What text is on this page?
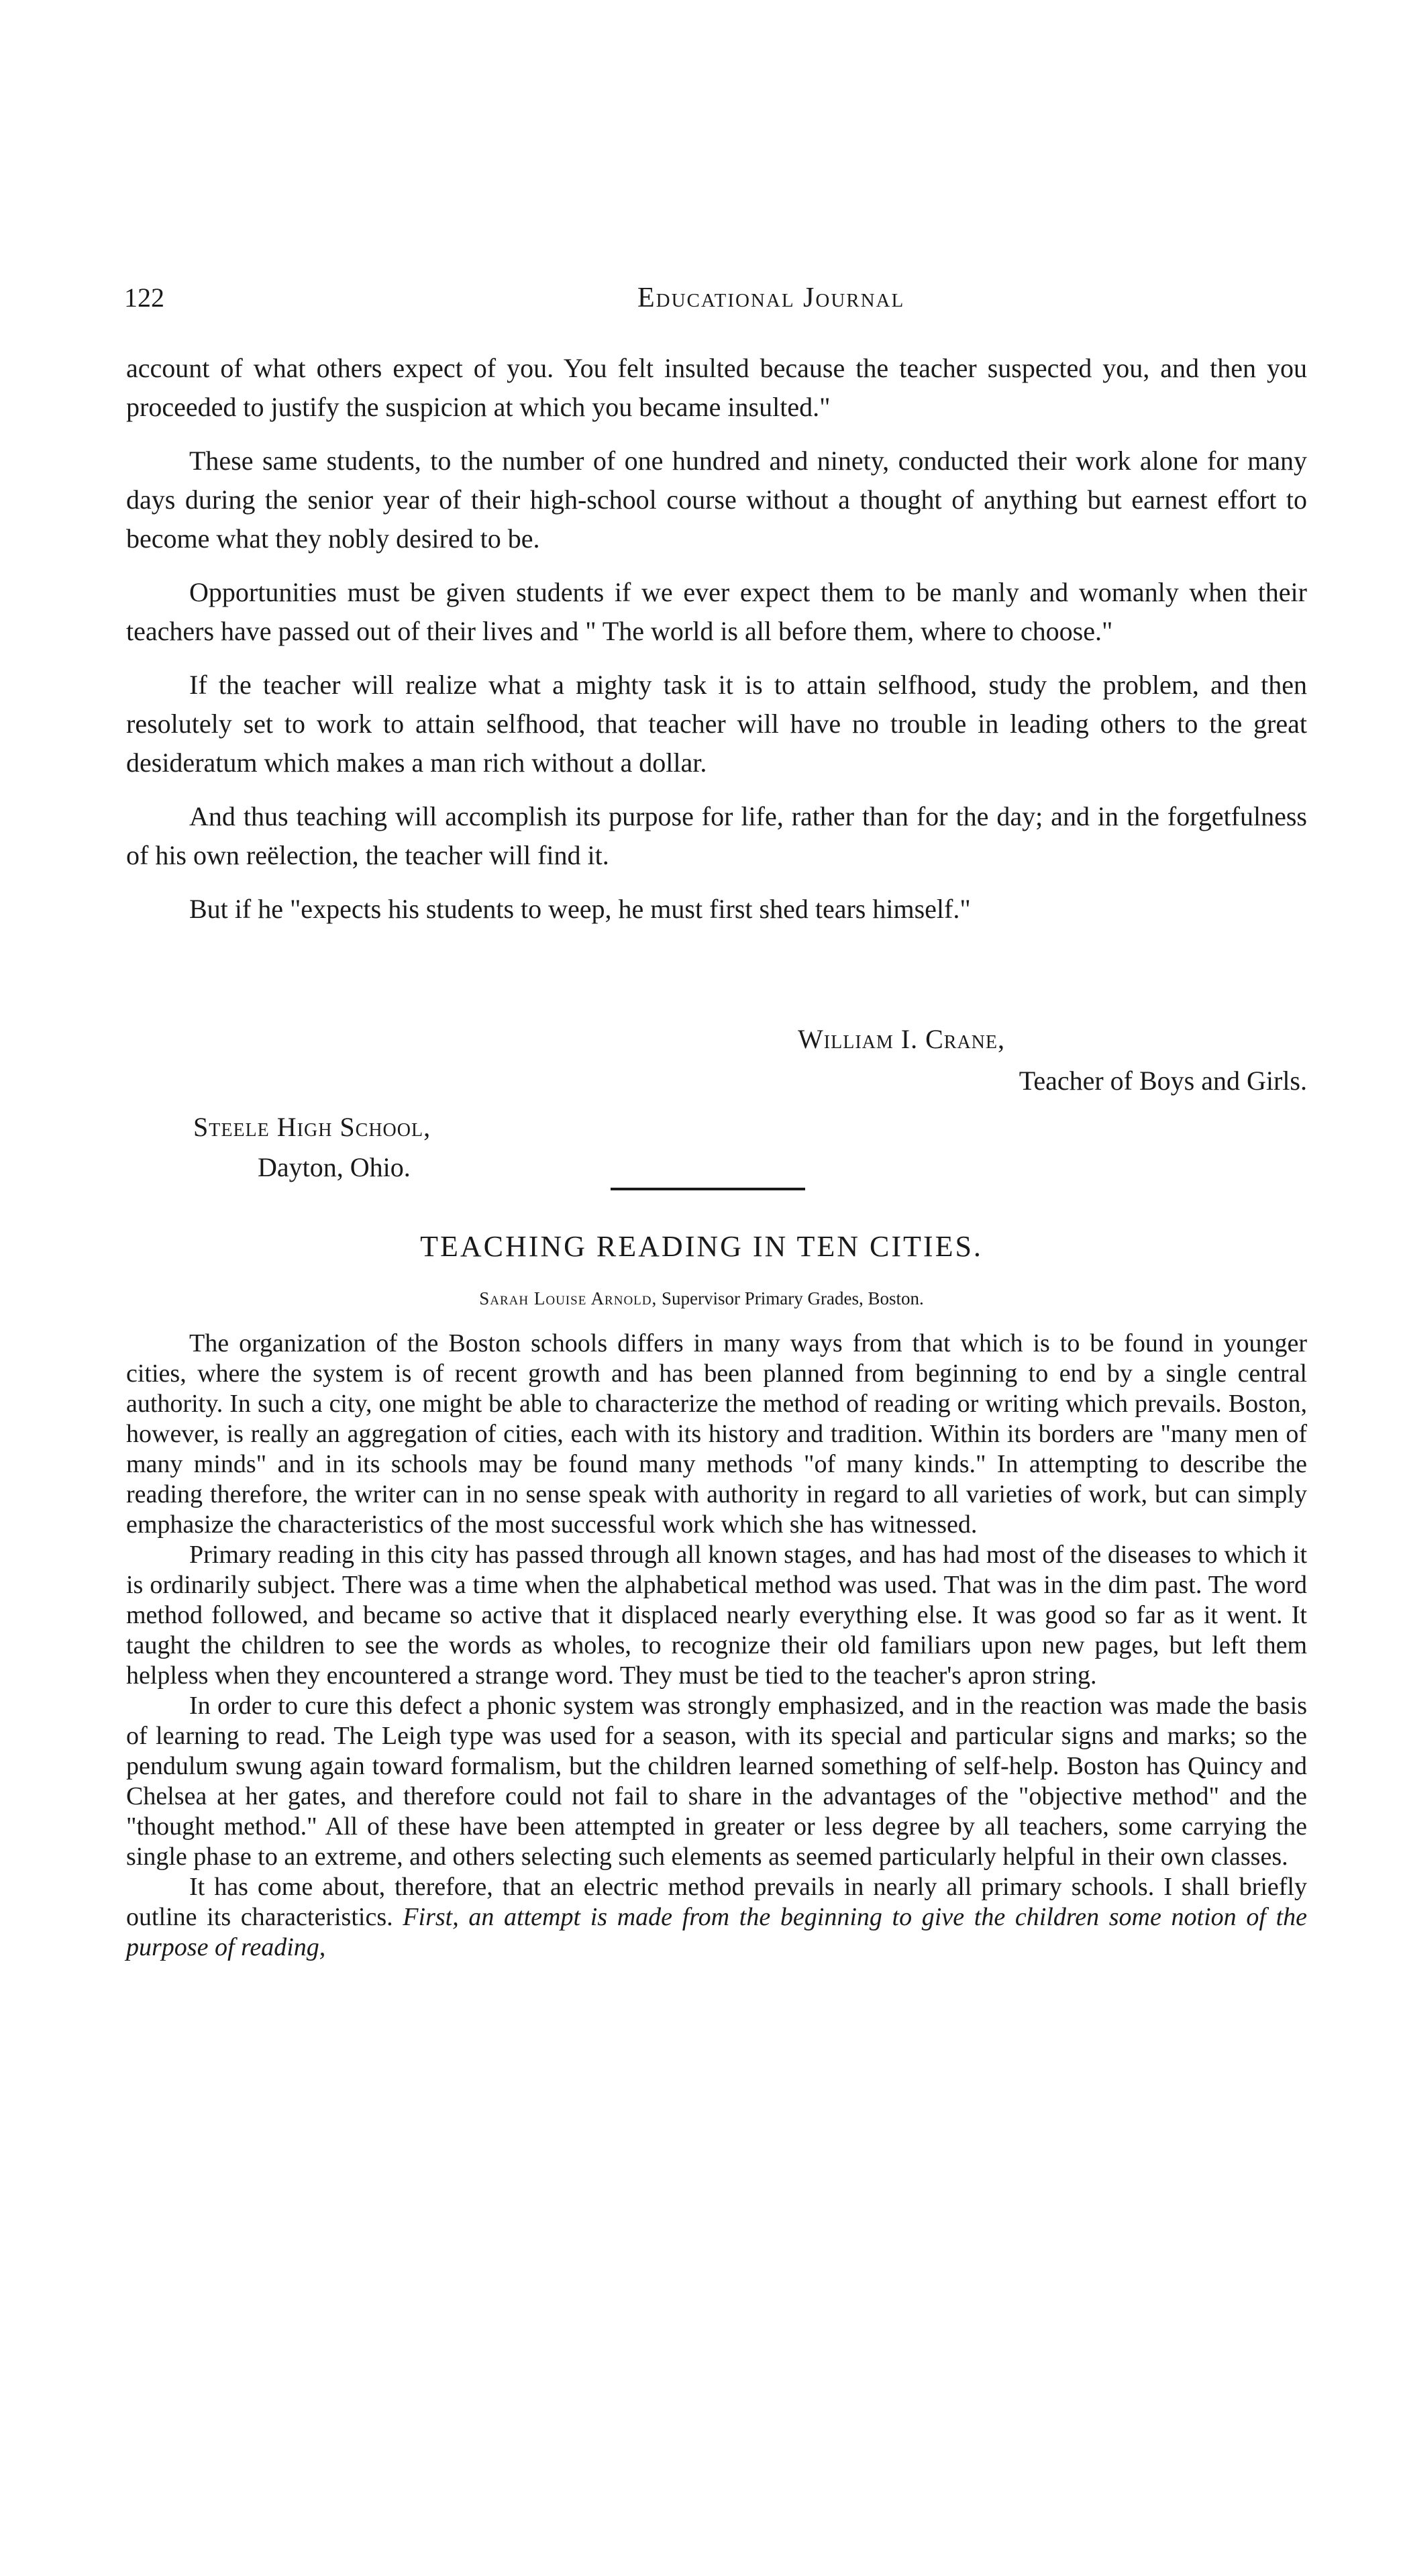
122	Educational Journal

account of what others expect of you. You felt insulted because the teacher suspected you, and then you proceeded to justify the suspicion at which you became insulted."

These same students, to the number of one hundred and ninety, conducted their work alone for many days during the senior year of their high-school course without a thought of anything but earnest effort to become what they nobly desired to be.

Opportunities must be given students if we ever expect them to be manly and womanly when their teachers have passed out of their lives and " The world is all before them, where to choose."

If the teacher will realize what a mighty task it is to attain selfhood, study the problem, and then resolutely set to work to attain selfhood, that teacher will have no trouble in leading others to the great desideratum which makes a man rich without a dollar.

And thus teaching will accomplish its purpose for life, rather than for the day; and in the forgetfulness of his own reëlection, the teacher will find it.

But if he "expects his students to weep, he must first shed tears himself."

William I. Crane,
Teacher of Boys and Girls.
Steele High School,
Dayton, Ohio.
TEACHING READING IN TEN CITIES.
Sarah Louise Arnold, Supervisor Primary Grades, Boston.

The organization of the Boston schools differs in many ways from that which is to be found in younger cities, where the system is of recent growth and has been planned from beginning to end by a single central authority. In such a city, one might be able to characterize the method of reading or writing which prevails. Boston, however, is really an aggregation of cities, each with its history and tradition. Within its borders are "many men of many minds" and in its schools may be found many methods "of many kinds." In attempting to describe the reading therefore, the writer can in no sense speak with authority in regard to all varieties of work, but can simply emphasize the characteristics of the most successful work which she has witnessed.

Primary reading in this city has passed through all known stages, and has had most of the diseases to which it is ordinarily subject. There was a time when the alphabetical method was used. That was in the dim past. The word method followed, and became so active that it displaced nearly everything else. It was good so far as it went. It taught the children to see the words as wholes, to recognize their old familiars upon new pages, but left them helpless when they encountered a strange word. They must be tied to the teacher's apron string.

In order to cure this defect a phonic system was strongly emphasized, and in the reaction was made the basis of learning to read. The Leigh type was used for a season, with its special and particular signs and marks; so the pendulum swung again toward formalism, but the children learned something of self-help. Boston has Quincy and Chelsea at her gates, and therefore could not fail to share in the advantages of the "objective method" and the "thought method." All of these have been attempted in greater or less degree by all teachers, some carrying the single phase to an extreme, and others selecting such elements as seemed particularly helpful in their own classes.

It has come about, therefore, that an electric method prevails in nearly all primary schools. I shall briefly outline its characteristics. First, an attempt is made from the beginning to give the children some notion of the purpose of reading,
